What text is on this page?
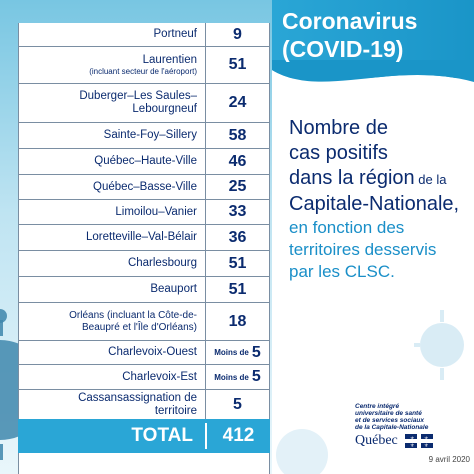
Coronavirus
(COVID-19)
Portneuf 9
Laurentien
(incluant secteur de l'aéroport) 51
Duberger–Les Saules–
Lebourgneuf 24
Sainte-Foy–Sillery 58
Québec–Haute-Ville 46
Québec–Basse-Ville 25
Limoilou–Vanier 33
Loretteville–Val-Bélair 36
Charlesbourg 51
Beauport 51
Orléans (incluant la Côte-de-
Beaupré et l'Île d'Orléans) 18
Charlevoix-Ouest Moins de 5
Charlevoix-Est Moins de 5
Cassansassignation de
territoire 5
TOTAL	412
Nombre de
cas positifs
dans la région de la
Capitale-Nationale,
en fonction des
territoires desservis
par les CLSC.
Centre intégré
universitaire de santé
et de services sociaux
de la Capitale-Nationale
Québec	⚜ ⚜
⚜ ⚜
9 avril 2020
